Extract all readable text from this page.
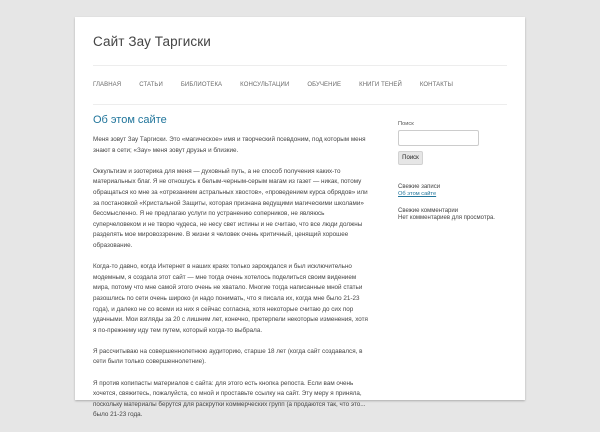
Сайт Зау Таргиски
ГЛАВНАЯ	СТАТЬИ	БИБЛИОТЕКА	КОНСУЛЬТАЦИИ	ОБУЧЕНИЕ	КНИГИ ТЕНЕЙ	КОНТАКТЫ
Об этом сайте

Меня зовут Зау Таргиски. Это «магическое» имя и творческий псевдоним, под которым меня знают в сети; «Зау» меня зовут друзья и близкие.

Оккультизм и эзотерика для меня — духовный путь, а не способ получения каких-то материальных благ. Я не отношусь к белым-черным-серым магам из газет — никак, потому обращаться ко мне за «отрезанием астральных хвостов», «проведением курса обрядов» или за постановкой «Кристальной Защиты, которая признана ведущими магическими школами» бессмысленно. Я не предлагаю услуги по устранению соперников, не являюсь суперчеловеком и не творю чудеса, не несу свет истины и не считаю, что все люди должны разделять мое мировоззрение. В жизни я человек очень критичный, ценящий хорошее образование.

Когда-то давно, когда Интернет в наших краях только зарождался и был исключительно модемным, я создала этот сайт — мне тогда очень хотелось поделиться своим видением мира, потому что мне самой этого очень не хватало. Многие тогда написанные мной статьи разошлись по сети очень широко (и надо понимать, что я писала их, когда мне было 21-23 года), и далеко не со всеми из них я сейчас согласна, хотя некоторые считаю до сих пор удачными. Мои взгляды за 20 с лишним лет, конечно, претерпели некоторые изменения, хотя я по-прежнему иду тем путем, который когда-то выбрала.

Я рассчитываю на совершеннолетнюю аудиторию, старше 18 лет (когда сайт создавался, в сети были только совершеннолетние).

Я против копипасты материалов с сайта: для этого есть кнопка репоста. Если вам очень хочется, свяжитесь, пожалуйста, со мной и проставьте ссылку на сайт. Эту меру я приняла, поскольку материалы берутся для раскрутки коммерческих групп (а продаются так, что это... было 21-23 года.

Поиск
Поиск
Свежие записи
Об этом сайте
Свежие комментарии
Нет комментариев для просмотра.
